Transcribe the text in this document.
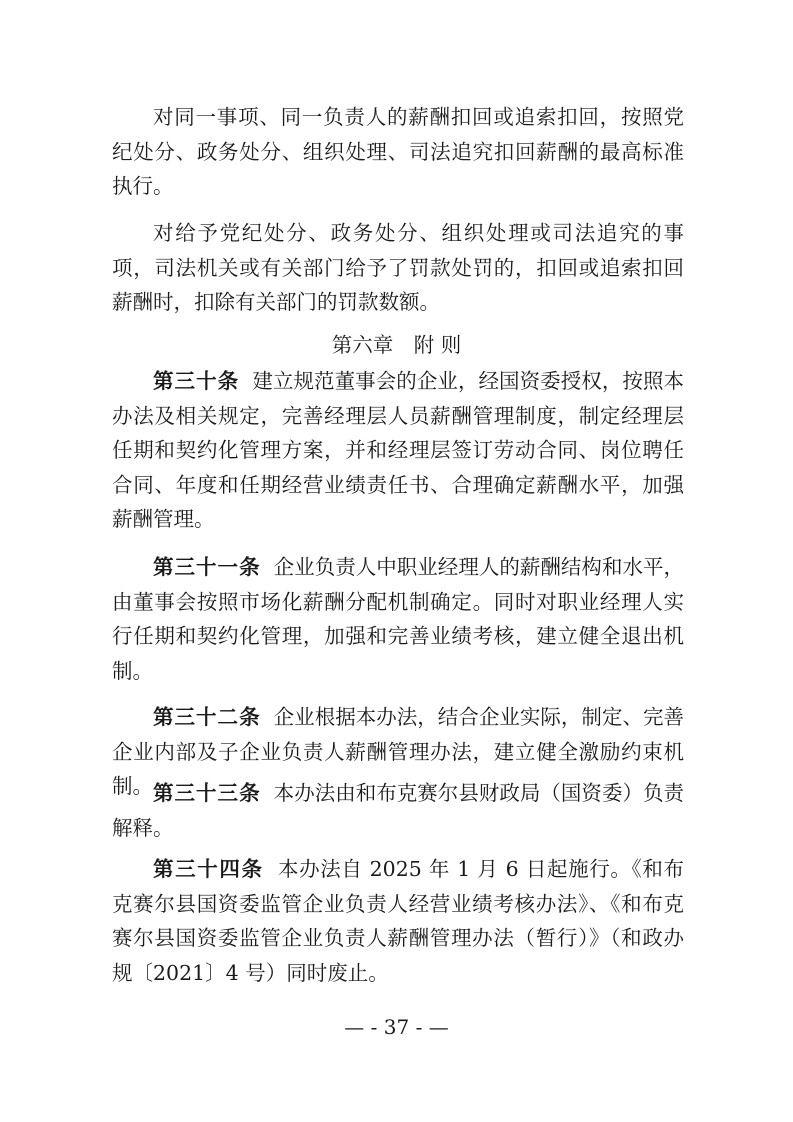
对同一事项、同一负责人的薪酬扣回或追索扣回，按照党纪处分、政务处分、组织处理、司法追究扣回薪酬的最高标准执行。

对给予党纪处分、政务处分、组织处理或司法追究的事项，司法机关或有关部门给予了罚款处罚的，扣回或追索扣回薪酬时，扣除有关部门的罚款数额。

第六章　附 则

第三十条 建立规范董事会的企业，经国资委授权，按照本办法及相关规定，完善经理层人员薪酬管理制度，制定经理层任期和契约化管理方案，并和经理层签订劳动合同、岗位聘任合同、年度和任期经营业绩责任书、合理确定薪酬水平，加强薪酬管理。

第三十一条 企业负责人中职业经理人的薪酬结构和水平，由董事会按照市场化薪酬分配机制确定。同时对职业经理人实行任期和契约化管理，加强和完善业绩考核，建立健全退出机制。

第三十二条 企业根据本办法，结合企业实际，制定、完善企业内部及子企业负责人薪酬管理办法，建立健全激励约束机制。 第三十三条 本办法由和布克赛尔县财政局（国资委）负责解释。

第三十四条 本办法自 2025 年 1 月 6 日起施行。《和布克赛尔县国资委监管企业负责人经营业绩考核办法》、《和布克赛尔县国资委监管企业负责人薪酬管理办法（暂行）》（和政办规〔2021〕4 号）同时废止。

— - 37 - —
